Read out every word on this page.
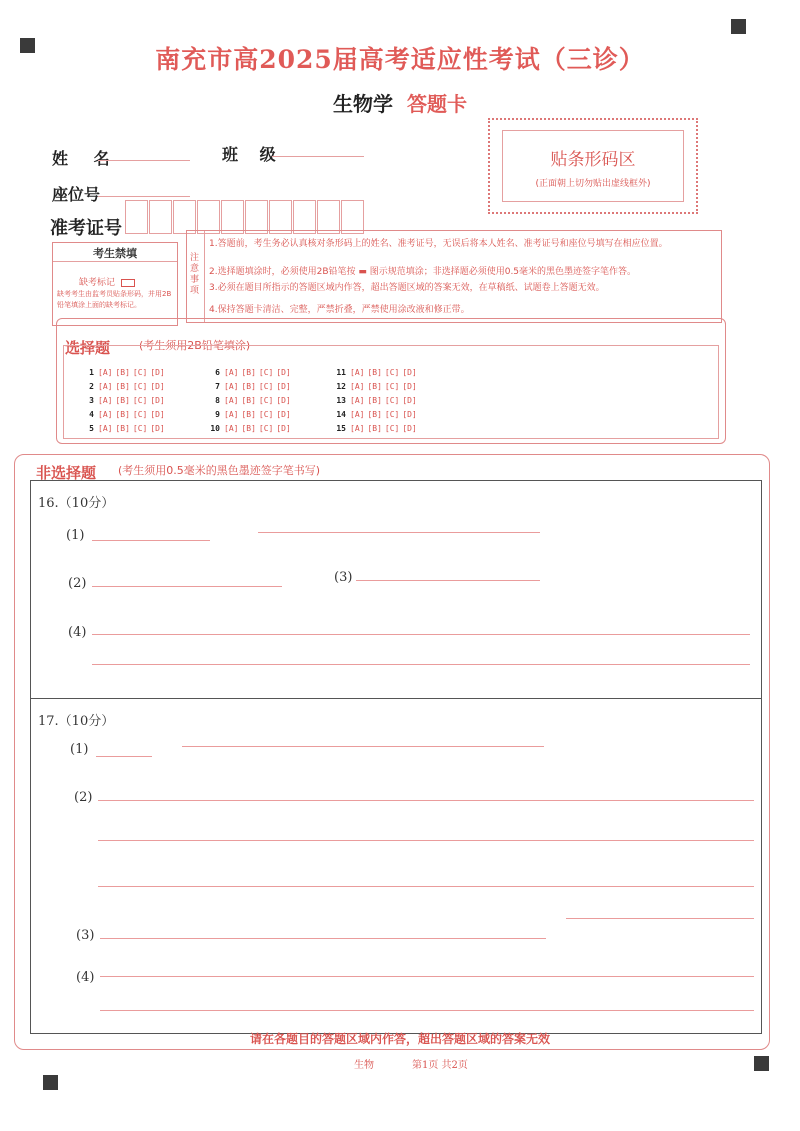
南充市高2025届高考适应性考试（三诊）
生物学 答题卡
姓 名	班 级
座位号
准考证号
贴条形码区
(正面朝上切勿贴出虚线框外)
考生禁填
缺考标记
缺考考生由监考员贴条形码，并用2B铅笔填涂上面的缺考标记。
注意事项
1.答题前，考生务必认真核对条形码上的姓名、准考证号，无误后将本人姓名、准考证号和座位号填写在相应位置。
2.选择题填涂时，必须使用2B铅笔按 ▬ 图示规范填涂；非选择题必须使用0.5毫米的黑色墨迹签字笔作答。
3.必须在题目所指示的答题区域内作答，超出答题区域的答案无效，在草稿纸、试题卷上答题无效。
4.保持答题卡清洁、完整，严禁折叠，严禁使用涂改液和修正带。
选择题	(考生须用2B铅笔填涂)
1 [A] [B] [C] [D]
2 [A] [B] [C] [D]
3 [A] [B] [C] [D]
4 [A] [B] [C] [D]
5 [A] [B] [C] [D]
6 [A] [B] [C] [D]
7 [A] [B] [C] [D]
8 [A] [B] [C] [D]
9 [A] [B] [C] [D]
10 [A] [B] [C] [D]
11 [A] [B] [C] [D]
12 [A] [B] [C] [D]
13 [A] [B] [C] [D]
14 [A] [B] [C] [D]
15 [A] [B] [C] [D]
非选择题 (考生须用0.5毫米的黑色墨迹签字笔书写)
16.（10分）
(1)
(2)	(3)
(4)
17.（10分）
(1)
(2)
(3)
(4)
请在各题目的答题区域内作答，超出答题区域的答案无效
生物	第1页 共2页
